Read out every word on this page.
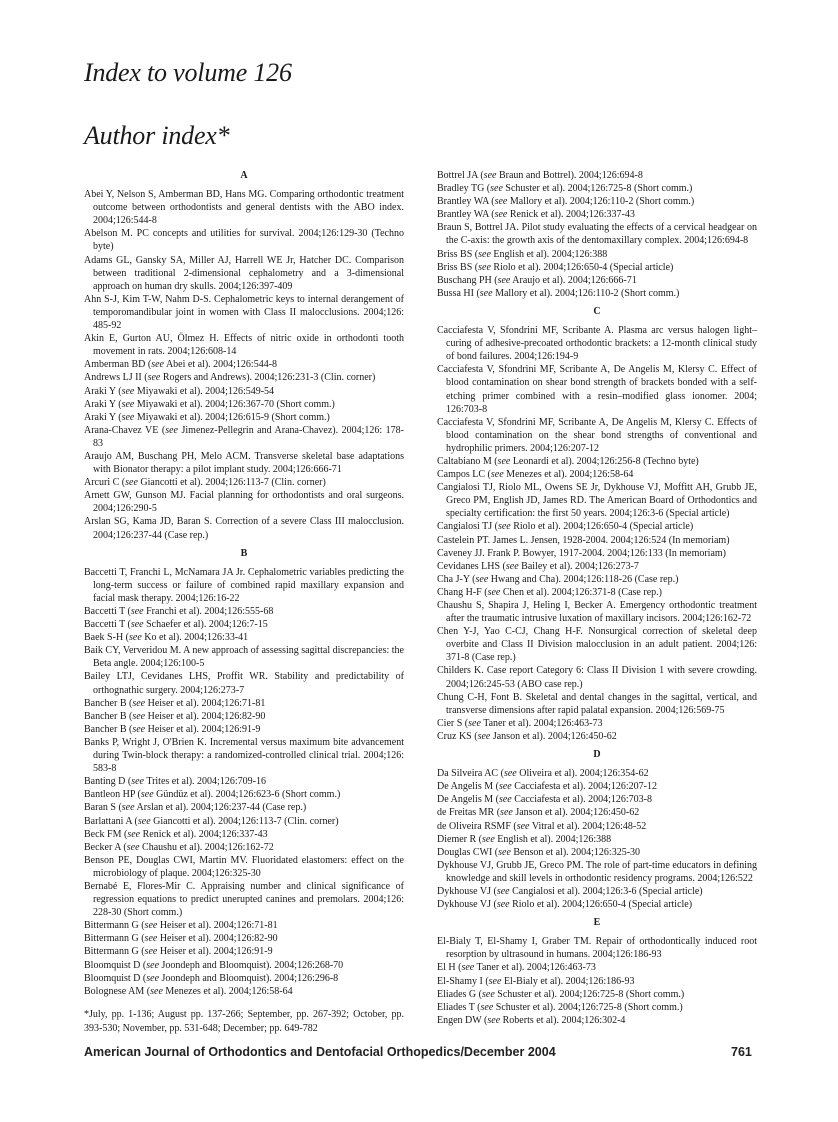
Index to volume 126
Author index*
A
Abei Y, Nelson S, Amberman BD, Hans MG. Comparing orthodontic treatment outcome between orthodontists and general dentists with the ABO index. 2004;126:544-8
Abelson M. PC concepts and utilities for survival. 2004;126:129-30 (Techno byte)
Adams GL, Gansky SA, Miller AJ, Harrell WE Jr, Hatcher DC. Comparison between traditional 2-dimensional cephalometry and a 3-dimensional approach on human dry skulls. 2004;126:397-409
Ahn S-J, Kim T-W, Nahm D-S. Cephalometric keys to internal derangement of temporomandibular joint in women with Class II malocclusions. 2004;126: 485-92
Akin E, Gurton AU, Ölmez H. Effects of nitric oxide in orthodonti tooth movement in rats. 2004;126:608-14
Amberman BD (see Abei et al). 2004;126:544-8
Andrews LJ II (see Rogers and Andrews). 2004;126:231-3 (Clin. corner)
Araki Y (see Miyawaki et al). 2004;126:549-54
Araki Y (see Miyawaki et al). 2004;126:367-70 (Short comm.)
Araki Y (see Miyawaki et al). 2004;126:615-9 (Short comm.)
Arana-Chavez VE (see Jimenez-Pellegrin and Arana-Chavez). 2004;126: 178-83
Araujo AM, Buschang PH, Melo ACM. Transverse skeletal base adaptations with Bionator therapy: a pilot implant study. 2004;126:666-71
Arcuri C (see Giancotti et al). 2004;126:113-7 (Clin. corner)
Arnett GW, Gunson MJ. Facial planning for orthodontists and oral surgeons. 2004;126:290-5
Arslan SG, Kama JD, Baran S. Correction of a severe Class III malocclusion. 2004;126:237-44 (Case rep.)
B
Baccetti T, Franchi L, McNamara JA Jr. Cephalometric variables predicting the long-term success or failure of combined rapid maxillary expansion and facial mask therapy. 2004;126:16-22
Baccetti T (see Franchi et al). 2004;126:555-68
Baccetti T (see Schaefer et al). 2004;126:7-15
Baek S-H (see Ko et al). 2004;126:33-41
Baik CY, Ververidou M. A new approach of assessing sagittal discrepancies: the Beta angle. 2004;126:100-5
Bailey LTJ, Cevidanes LHS, Proffit WR. Stability and predictability of orthognathic surgery. 2004;126:273-7
Bancher B (see Heiser et al). 2004;126:71-81
Bancher B (see Heiser et al). 2004;126:82-90
Bancher B (see Heiser et al). 2004;126:91-9
Banks P, Wright J, O'Brien K. Incremental versus maximum bite advancement during Twin-block therapy: a randomized-controlled clinical trial. 2004;126: 583-8
Banting D (see Trites et al). 2004;126:709-16
Bantleon HP (see Gündüz et al). 2004;126:623-6 (Short comm.)
Baran S (see Arslan et al). 2004;126:237-44 (Case rep.)
Barlattani A (see Giancotti et al). 2004;126:113-7 (Clin. corner)
Beck FM (see Renick et al). 2004;126:337-43
Becker A (see Chaushu et al). 2004;126:162-72
Benson PE, Douglas CWI, Martin MV. Fluoridated elastomers: effect on the microbiology of plaque. 2004;126:325-30
Bernabé E, Flores-Mir C. Appraising number and clinical significance of regression equations to predict unerupted canines and premolars. 2004;126: 228-30 (Short comm.)
Bittermann G (see Heiser et al). 2004;126:71-81
Bittermann G (see Heiser et al). 2004;126:82-90
Bittermann G (see Heiser et al). 2004;126:91-9
Bloomquist D (see Joondeph and Bloomquist). 2004;126:268-70
Bloomquist D (see Joondeph and Bloomquist). 2004;126:296-8
Bolognese AM (see Menezes et al). 2004;126:58-64
Bottrel JA (see Braun and Bottrel). 2004;126:694-8
Bradley TG (see Schuster et al). 2004;126:725-8 (Short comm.)
Brantley WA (see Mallory et al). 2004;126:110-2 (Short comm.)
Brantley WA (see Renick et al). 2004;126:337-43
Braun S, Bottrel JA. Pilot study evaluating the effects of a cervical headgear on the C-axis: the growth axis of the dentomaxillary complex. 2004;126:694-8
Briss BS (see English et al). 2004;126:388
Briss BS (see Riolo et al). 2004;126:650-4 (Special article)
Buschang PH (see Araujo et al). 2004;126:666-71
Bussa HI (see Mallory et al). 2004;126:110-2 (Short comm.)
C
Cacciafesta V, Sfondrini MF, Scribante A. Plasma arc versus halogen light–curing of adhesive-precoated orthodontic brackets: a 12-month clinical study of bond failures. 2004;126:194-9
Cacciafesta V, Sfondrini MF, Scribante A, De Angelis M, Klersy C. Effect of blood contamination on shear bond strength of brackets bonded with a self-etching primer combined with a resin–modified glass ionomer. 2004; 126:703-8
Cacciafesta V, Sfondrini MF, Scribante A, De Angelis M, Klersy C. Effects of blood contamination on the shear bond strengths of conventional and hydrophilic primers. 2004;126:207-12
Caltabiano M (see Leonardi et al). 2004;126:256-8 (Techno byte)
Campos LC (see Menezes et al). 2004;126:58-64
Cangialosi TJ, Riolo ML, Owens SE Jr, Dykhouse VJ, Moffitt AH, Grubb JE, Greco PM, English JD, James RD. The American Board of Orthodontics and specialty certification: the first 50 years. 2004;126:3-6 (Special article)
Cangialosi TJ (see Riolo et al). 2004;126:650-4 (Special article)
Castelein PT. James L. Jensen, 1928-2004. 2004;126:524 (In memoriam)
Caveney JJ. Frank P. Bowyer, 1917-2004. 2004;126:133 (In memoriam)
Cevidanes LHS (see Bailey et al). 2004;126:273-7
Cha J-Y (see Hwang and Cha). 2004;126:118-26 (Case rep.)
Chang H-F (see Chen et al). 2004;126:371-8 (Case rep.)
Chaushu S, Shapira J, Heling I, Becker A. Emergency orthodontic treatment after the traumatic intrusive luxation of maxillary incisors. 2004;126:162-72
Chen Y-J, Yao C-CJ, Chang H-F. Nonsurgical correction of skeletal deep overbite and Class II Division malocclusion in an adult patient. 2004;126: 371-8 (Case rep.)
Childers K. Case report Category 6: Class II Division 1 with severe crowding. 2004;126:245-53 (ABO case rep.)
Chung C-H, Font B. Skeletal and dental changes in the sagittal, vertical, and transverse dimensions after rapid palatal expansion. 2004;126:569-75
Cier S (see Taner et al). 2004;126:463-73
Cruz KS (see Janson et al). 2004;126:450-62
D
Da Silveira AC (see Oliveira et al). 2004;126:354-62
De Angelis M (see Cacciafesta et al). 2004;126:207-12
De Angelis M (see Cacciafesta et al). 2004;126:703-8
de Freitas MR (see Janson et al). 2004;126:450-62
de Oliveira RSMF (see Vitral et al). 2004;126:48-52
Diemer R (see English et al). 2004;126:388
Douglas CWI (see Benson et al). 2004;126:325-30
Dykhouse VJ, Grubb JE, Greco PM. The role of part-time educators in defining knowledge and skill levels in orthodontic residency programs. 2004;126:522
Dykhouse VJ (see Cangialosi et al). 2004;126:3-6 (Special article)
Dykhouse VJ (see Riolo et al). 2004;126:650-4 (Special article)
E
El-Bialy T, El-Shamy I, Graber TM. Repair of orthodontically induced root resorption by ultrasound in humans. 2004;126:186-93
El H (see Taner et al). 2004;126:463-73
El-Shamy I (see El-Bialy et al). 2004;126:186-93
Eliades G (see Schuster et al). 2004;126:725-8 (Short comm.)
Eliades T (see Schuster et al). 2004;126:725-8 (Short comm.)
Engen DW (see Roberts et al). 2004;126:302-4
*July, pp. 1-136; August pp. 137-266; September, pp. 267-392; October, pp. 393-530; November, pp. 531-648; December; pp. 649-782
American Journal of Orthodontics and Dentofacial Orthopedics/December 2004	761
